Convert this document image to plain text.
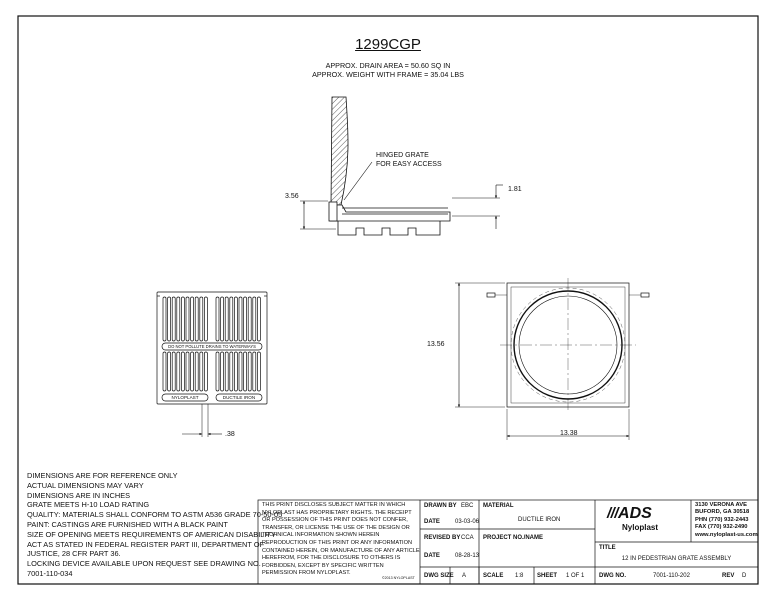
1299CGP
APPROX. DRAIN AREA = 50.60 SQ IN
APPROX. WEIGHT WITH FRAME = 35.04 LBS
HINGED GRATE
FOR EASY ACCESS
3.56
1.81
.38
13.56
13.38
DO NOT POLLUTE DRAINS TO WATERWAYS
NYLOPLAST	DUCTILE IRON
DIMENSIONS ARE FOR REFERENCE ONLY
ACTUAL DIMENSIONS MAY VARY
DIMENSIONS ARE IN INCHES
GRATE MEETS H-10 LOAD RATING
QUALITY: MATERIALS SHALL CONFORM TO ASTM A536 GRADE 70-50-05
PAINT: CASTINGS ARE FURNISHED WITH A BLACK PAINT
SIZE OF OPENING MEETS REQUIREMENTS OF AMERICAN DISABILITY
ACT AS STATED IN FEDERAL REGISTER PART III, DEPARTMENT OF
JUSTICE, 28 CFR PART 36.
LOCKING DEVICE AVAILABLE UPON REQUEST SEE DRAWING NO.
7001-110-034
THIS PRINT DISCLOSES SUBJECT MATTER IN WHICH NYLOPLAST HAS PROPRIETARY RIGHTS. THE RECEIPT OR POSSESSION OF THIS PRINT DOES NOT CONFER, TRANSFER, OR LICENSE THE USE OF THE DESIGN OR TECHNICAL INFORMATION SHOWN HEREIN REPRODUCTION OF THIS PRINT OR ANY INFORMATION CONTAINED HEREIN, OR MANUFACTURE OF ANY ARTICLE HEREFROM, FOR THE DISCLOSURE TO OTHERS IS FORBIDDEN, EXCEPT BY SPECIFIC WRITTEN PERMISSION FROM NYLOPLAST.
©2013 NYLOPLAST
DRAWN BY EBC
DATE	03-03-06
REVISED BY CCA
DATE	08-28-13
MATERIAL
DUCTILE IRON
PROJECT NO./NAME
DWG SIZE A	SCALE 1:8 SHEET 1 OF 1 DWG NO.	7001-110-202	REV D
TITLE
12 IN PEDESTRIAN GRATE ASSEMBLY
///ADS
Nyloplast
3130 VERONA AVE
BUFORD, GA 30518
PHN (770) 932-2443
FAX (770) 932-2490
www.nyloplast-us.com
